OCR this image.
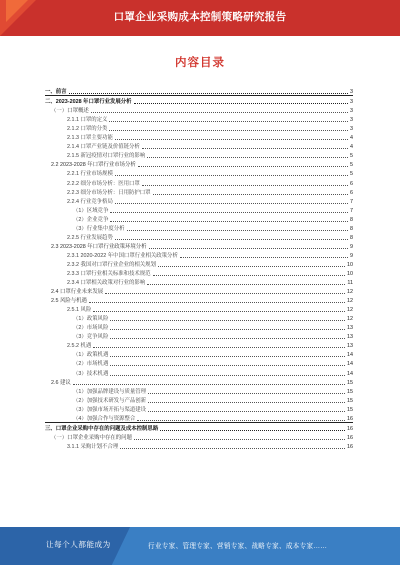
口罩企业采购成本控制策略研究报告
内容目录
一、前言	3
二、2023-2028 年口罩行业发展分析	3
（一）口罩概述	3
2.1.1 口罩的定义	3
2.1.2 口罩的分类	3
2.1.3 口罩主要功能	4
2.1.4 口罩产业链及价值链分析	4
2.1.5 新冠疫情对口罩行业的影响	5
2.2 2023-2028 年口罩行业市场分析	5
2.2.1 行业市场规模	5
2.2.2 细分市场分析：医用口罩	6
2.2.3 细分市场分析：日用防护口罩	6
2.2.4 行业竞争格局	7
（1）区域竞争	7
（2）企业竞争	8
（3）行业集中度分析	8
2.2.5 行业发展趋势	8
2.3 2023-2028 年口罩行业政策环境分析	9
2.3.1 2020-2022 年中国口罩行业相关政策分析	9
2.3.2 我国对口罩行业企业的相关规划	10
2.3.3 口罩行业相关标准和技术规范	10
2.3.4 口罩相关政策对行业的影响	11
2.4 口罩行业未来发展	12
2.5 风险与机遇	12
2.5.1 风险	12
（1）政策风险	12
（2）市场风险	13
（3）竞争风险	13
2.5.2 机遇	13
（1）政策机遇	14
（2）市场机遇	14
（3）技术机遇	14
2.6 建议	15
（1）加强品牌建设与质量管理	15
（2）加强技术研发与产品创新	15
（3）加强市场开拓与渠道建设	15
（4）加强合作与资源整合	16
三、口罩企业采购中存在的问题及成本控制思路	16
（一）口罩企业采购中存在的问题	16
3.1.1 采购计划不合理	16
让每个人都能成为	行业专家、管理专家、营销专家、战略专家、成本专家……
